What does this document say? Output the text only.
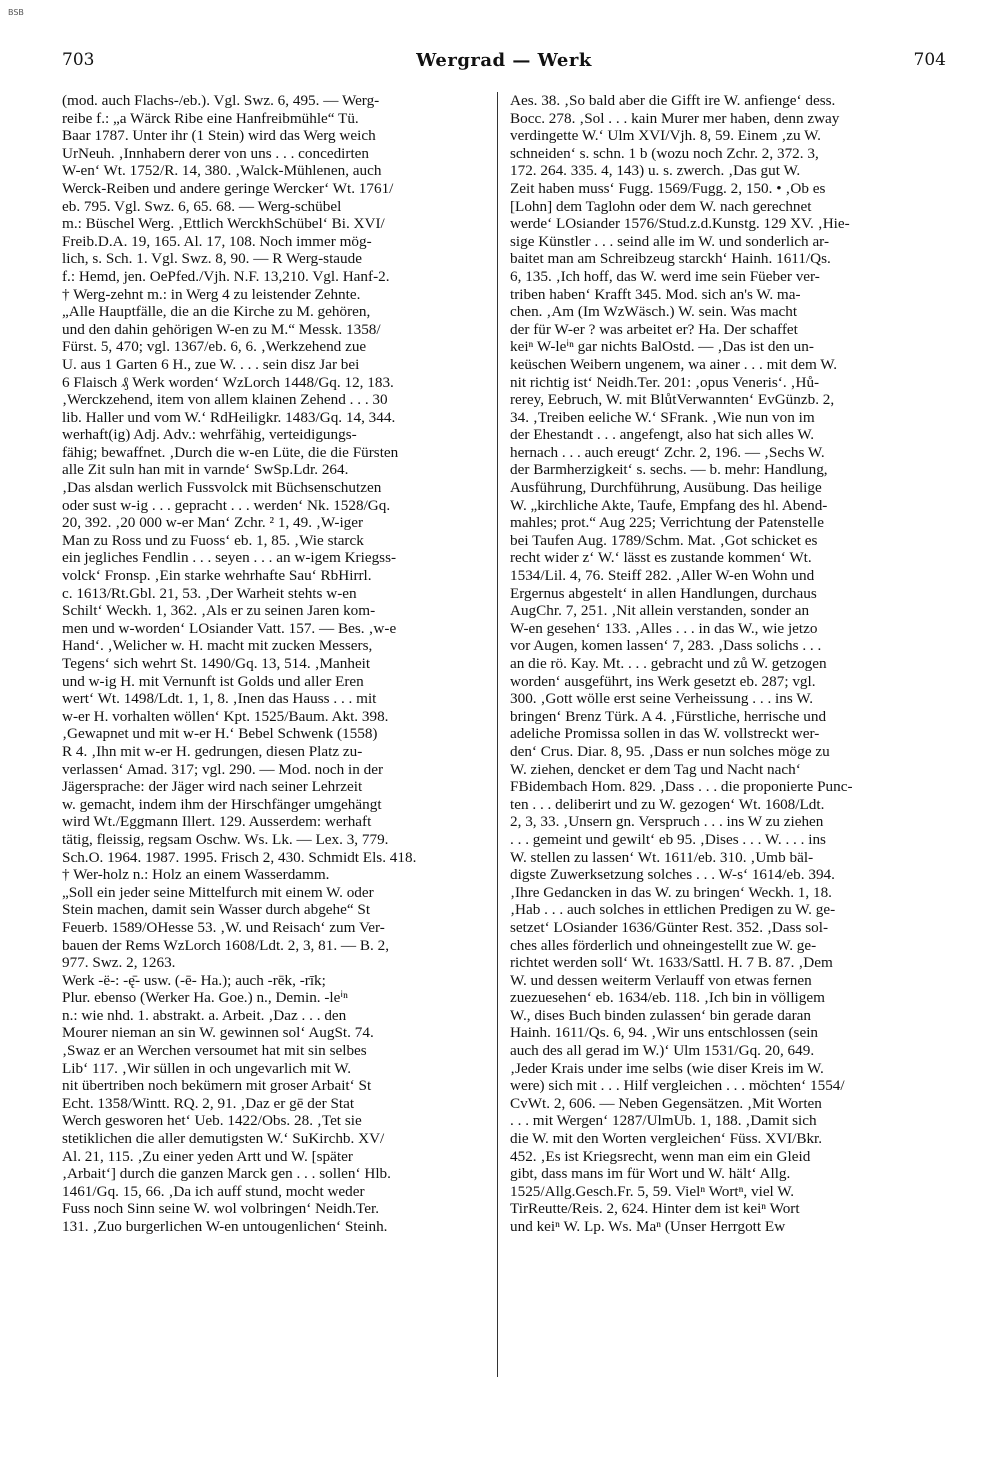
BSB
703	Wergrad — Werk	704
(mod. auch Flachs-/eb.). Vgl. Swz. 6, 495. — Werg-
reibe f.: „a Wärck Ribe eine Hanfreibmühle“ Tü.
Baar 1787. Unter ihr (1 Stein) wird das Werg weich
UrNeuh. ‚Innhabern derer von uns . . . concedirten
W-en‘ Wt. 1752/R. 14, 380. ‚Walck-Mühlenen, auch
Werck-Reiben und andere geringe Wercker‘ Wt. 1761/
eb. 795. Vgl. Swz. 6, 65. 68. — Werg-schübel
m.: Büschel Werg. ‚Ettlich WerckhSchübel‘ Bi. XVI/
Freib.D.A. 19, 165. Al. 17, 108. Noch immer mög-
lich, s. Sch. 1. Vgl. Swz. 8, 90. — R Werg-staude
f.: Hemd, jen. OePfed./Vjh. N.F. 13,210. Vgl. Hanf-2.
† Werg-zehnt m.: in Werg 4 zu leistender Zehnte.
„Alle Hauptfälle, die an die Kirche zu M. gehören,
und den dahin gehörigen W-en zu M.“ Messk. 1358/
Fürst. 5, 470; vgl. 1367/eb. 6, 6. ‚Werkzehend zue
U. aus 1 Garten 6 H., zue W. . . . sein disz Jar bei
6 Flaisch ₰ Werk worden‘ WzLorch 1448/Gq. 12, 183.
‚Werckzehend, item von allem klainen Zehend . . . 30
lib. Haller und vom W.‘ RdHeiligkr. 1483/Gq. 14, 344.
werhaft(ig) Adj. Adv.: wehrfähig, verteidigungs-
fähig; bewaffnet. ‚Durch die w-en Lüte, die die Fürsten
alle Zit suln han mit in varnde‘ SwSp.Ldr. 264.
‚Das alsdan werlich Fussvolck mit Büchsenschutzen
oder sust w-ig . . . gepracht . . . werden‘ Nk. 1528/Gq.
20, 392. ‚20 000 w-er Man‘ Zchr. ² 1, 49. ‚W-iger
Man zu Ross und zu Fuoss‘ eb. 1, 85. ‚Wie starck
ein jegliches Fendlin . . . seyen . . . an w-igem Kriegss-
volck‘ Fronsp. ‚Ein starke wehrhafte Sau‘ RbHirrl.
c. 1613/Rt.Gbl. 21, 53. ‚Der Warheit stehts w-en
Schilt‘ Weckh. 1, 362. ‚Als er zu seinen Jaren kom-
men und w-worden‘ LOsiander Vatt. 157. — Bes. ‚w-e
Hand‘. ‚Welicher w. H. macht mit zucken Messers,
Tegens‘ sich wehrt St. 1490/Gq. 13, 514. ‚Manheit
und w-ig H. mit Vernunft ist Golds und aller Eren
wert‘ Wt. 1498/Ldt. 1, 1, 8. ‚Inen das Hauss . . . mit
w-er H. vorhalten wöllen‘ Kpt. 1525/Baum. Akt. 398.
‚Gewapnet und mit w-er H.‘ Bebel Schwenk (1558)
R 4. ‚Ihn mit w-er H. gedrungen, diesen Platz zu-
verlassen‘ Amad. 317; vgl. 290. — Mod. noch in der
Jägersprache: der Jäger wird nach seiner Lehrzeit
w. gemacht, indem ihm der Hirschfänger umgehängt
wird Wt./Eggmann Illert. 129. Ausserdem: werhaft
tätig, fleissig, regsam Oschw. Ws. Lk. — Lex. 3, 779.
Sch.O. 1964. 1987. 1995. Frisch 2, 430. Schmidt Els. 418.
† Wer-holz n.: Holz an einem Wasserdamm.
„Soll ein jeder seine Mittelfurch mit einem W. oder
Stein machen, damit sein Wasser durch abgehe“ St
Feuerb. 1589/OHesse 53. ‚W. und Reisach‘ zum Ver-
bauen der Rems WzLorch 1608/Ldt. 2, 3, 81. — B. 2,
977. Swz. 2, 1263.
Werk -ë-: -ę̄- usw. (-ē- Ha.); auch -rēk, -rīk;
Plur. ebenso (Werker Ha. Goe.) n., Demin. -leⁱⁿ
n.: wie nhd. 1. abstrakt. a. Arbeit. ‚Daz . . . den
Mourer nieman an sin W. gewinnen sol‘ AugSt. 74.
‚Swaz er an Werchen versoumet hat mit sin selbes
Lib‘ 117. ‚Wir süllen in och ungevarlich mit W.
nit übertriben noch bekümern mit groser Arbait‘ St
Echt. 1358/Wintt. RQ. 2, 91. ‚Daz er gē der Stat
Werch gesworen het‘ Ueb. 1422/Obs. 28. ‚Tet sie
stetiklichen die aller demutigsten W.‘ SuKirchb. XV/
Al. 21, 115. ‚Zu einer yeden Artt und W. [später
‚Arbait‘] durch die ganzen Marck gen . . . sollen‘ Hlb.
1461/Gq. 15, 66. ‚Da ich auff stund, mocht weder
Fuss noch Sinn seine W. wol volbringen‘ Neidh.Ter.
131. ‚Zuo burgerlichen W-en untougenlichen‘ Steinh.
Aes. 38. ‚So bald aber die Gifft ire W. anfienge‘ dess.
Bocc. 278. ‚Sol . . . kain Murer mer haben, denn zway
verdingette W.‘ Ulm XVI/Vjh. 8, 59. Einem ‚zu W.
schneiden‘ s. schn. 1 b (wozu noch Zchr. 2, 372. 3,
172. 264. 335. 4, 143) u. s. zwerch. ‚Das gut W.
Zeit haben muss‘ Fugg. 1569/Fugg. 2, 150. • ‚Ob es
[Lohn] dem Taglohn oder dem W. nach gerechnet
werde‘ LOsiander 1576/Stud.z.d.Kunstg. 129 XV. ‚Hie-
sige Künstler . . . seind alle im W. und sonderlich ar-
baitet man am Schreibzeug starckh‘ Hainh. 1611/Qs.
6, 135. ‚Ich hoff, das W. werd ime sein Füeber ver-
triben haben‘ Krafft 345. Mod. sich an's W. ma-
chen. ‚Am (Im WzWäsch.) W. sein. Was macht
der für W-er ? was arbeitet er? Ha. Der schaffet
keiⁿ W-leⁱⁿ gar nichts BalOstd. — ‚Das ist den un-
keüschen Weibern ungenem, wa ainer . . . mit dem W.
nit richtig ist‘ Neidh.Ter. 201: ‚opus Veneris‘. ‚Hů-
rerey, Eebruch, W. mit BlůtVerwannten‘ EvGünzb. 2,
34. ‚Treiben eeliche W.‘ SFrank. ‚Wie nun von im
der Ehestandt . . . angefengt, also hat sich alles W.
hernach . . . auch ereugt‘ Zchr. 2, 196. — ‚Sechs W.
der Barmherzigkeit‘ s. sechs. — b. mehr: Handlung,
Ausführung, Durchführung, Ausübung. Das heilige
W. „kirchliche Akte, Taufe, Empfang des hl. Abend-
mahles; prot.“ Aug 225; Verrichtung der Patenstelle
bei Taufen Aug. 1789/Schm. Mat. ‚Got schicket es
recht wider z‘ W.‘ lässt es zustande kommen‘ Wt.
1534/Lil. 4, 76. Steiff 282. ‚Aller W-en Wohn und
Ergernus abgestelt‘ in allen Handlungen, durchaus
AugChr. 7, 251. ‚Nit allein verstanden, sonder an
W-en gesehen‘ 133. ‚Alles . . . in das W., wie jetzo
vor Augen, komen lassen‘ 7, 283. ‚Dass solichs . . .
an die rö. Kay. Mt. . . . gebracht und zů W. getzogen
worden‘ ausgeführt, ins Werk gesetzt eb. 287; vgl.
300. ‚Gott wölle erst seine Verheissung . . . ins W.
bringen‘ Brenz Türk. A 4. ‚Fürstliche, herrische und
adeliche Promissa sollen in das W. vollstreckt wer-
den‘ Crus. Diar. 8, 95. ‚Dass er nun solches möge zu
W. ziehen, dencket er dem Tag und Nacht nach‘
FBidembach Hom. 829. ‚Dass . . . die proponierte Punc-
ten . . . deliberirt und zu W. gezogen‘ Wt. 1608/Ldt.
2, 3, 33. ‚Unsern gn. Verspruch . . . ins W zu ziehen
. . . gemeint und gewilt‘ eb 95. ‚Dises . . . W. . . . ins
W. stellen zu lassen‘ Wt. 1611/eb. 310. ‚Umb bäl-
digste Zuwerksetzung solches . . . W-s‘ 1614/eb. 394.
‚Ihre Gedancken in das W. zu bringen‘ Weckh. 1, 18.
‚Hab . . . auch solches in ettlichen Predigen zu W. ge-
setzet‘ LOsiander 1636/Günter Rest. 352. ‚Dass sol-
ches alles förderlich und ohneingestellt zue W. ge-
richtet werden soll‘ Wt. 1633/Sattl. H. 7 B. 87. ‚Dem
W. und dessen weiterm Verlauff von etwas fernen
zuezuesehen‘ eb. 1634/eb. 118. ‚Ich bin in völligem
W., dises Buch binden zulassen‘ bin gerade daran
Hainh. 1611/Qs. 6, 94. ‚Wir uns entschlossen (sein
auch des all gerad im W.)‘ Ulm 1531/Gq. 20, 649.
‚Jeder Krais under ime selbs (wie diser Kreis im W.
were) sich mit . . . Hilf vergleichen . . . möchten‘ 1554/
CvWt. 2, 606. — Neben Gegensätzen. ‚Mit Worten
. . . mit Wergen‘ 1287/UlmUb. 1, 188. ‚Damit sich
die W. mit den Worten vergleichen‘ Füss. XVI/Bkr.
452. ‚Es ist Kriegsrecht, wenn man eim ein Gleid
gibt, dass mans im für Wort und W. hält‘ Allg.
1525/Allg.Gesch.Fr. 5, 59. Vielⁿ Wortⁿ, viel W.
TirReutte/Reis. 2, 624. Hinter dem ist keiⁿ Wort
und keiⁿ W. Lp. Ws. Maⁿ (Unser Herrgott Ew
